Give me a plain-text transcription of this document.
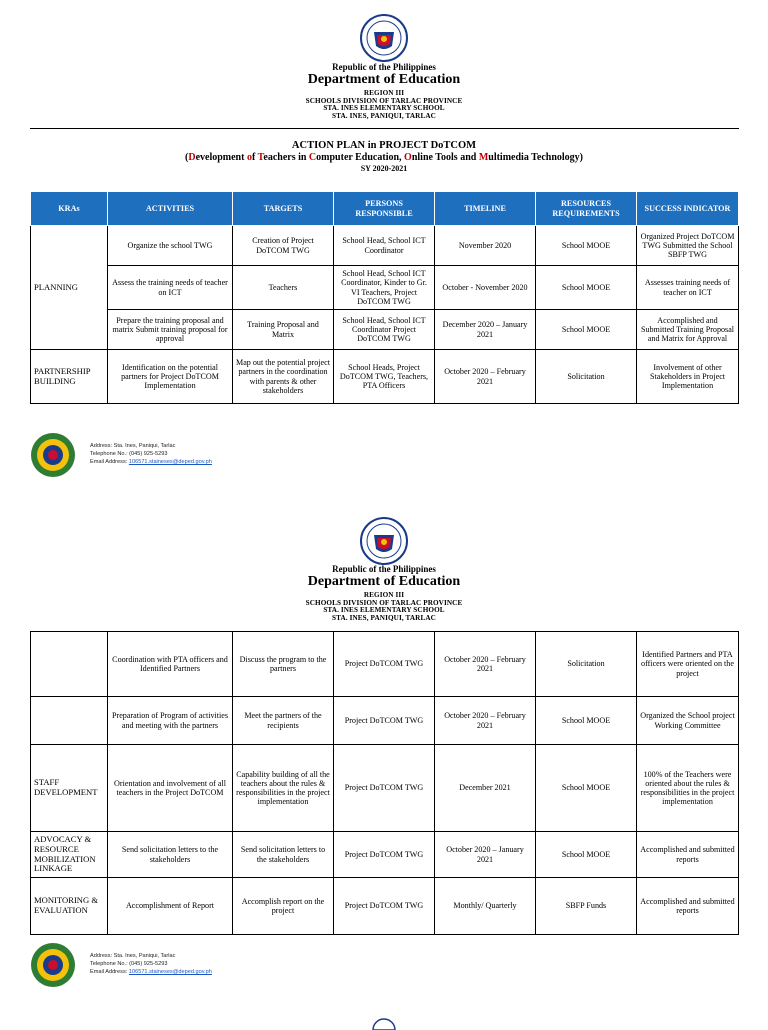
Republic of the Philippines
Department of Education
REGION III
SCHOOLS DIVISION OF TARLAC PROVINCE
STA. INES ELEMENTARY SCHOOL
STA. INES, PANIQUI, TARLAC
ACTION PLAN in PROJECT DoTCOM
(Development of Teachers in Computer Education, Online Tools and Multimedia Technology)
SY 2020-2021
KRAs	ACTIVITIES	TARGETS	PERSONS RESPONSIBLE	TIMELINE	RESOURCES REQUIREMENTS	SUCCESS INDICATOR
PLANNING	Organize the school TWG	Creation of Project DoTCOM TWG	School Head, School ICT Coordinator	November 2020	School MOOE	Organized Project DoTCOM TWG Submitted the School SBFP TWG
	Assess the training needs of teacher on ICT	Teachers	School Head, School ICT Coordinator, Kinder to Gr. VI Teachers, Project DoTCOM TWG	October - November 2020	School MOOE	Assesses training needs of teacher on ICT
	Prepare the training proposal and matrix Submit training proposal for approval	Training Proposal and Matrix	School Head, School ICT Coordinator Project DoTCOM TWG	December 2020 – January 2021	School MOOE	Accomplished and Submitted Training Proposal and Matrix for Approval
PARTNERSHIP BUILDING	Identification on the potential partners for Project DoTCOM Implementation	Map out the potential project partners in the coordination with parents & other stakeholders	School Heads, Project DoTCOM TWG, Teachers, PTA Officers	October 2020 – February 2021	Solicitation	Involvement of other Stakeholders in Project Implementation
Address: Sta. Ines, Paniqui, Tarlac
Telephone No.: (045) 925-5293
Email Address: 106571.staineses@deped.gov.ph
Republic of the Philippines
Department of Education
REGION III
SCHOOLS DIVISION OF TARLAC PROVINCE
STA. INES ELEMENTARY SCHOOL
STA. INES, PANIQUI, TARLAC
	Coordination with PTA officers and Identified Partners	Discuss the program to the partners	Project DoTCOM TWG	October 2020 – February 2021	Solicitation	Identified Partners and PTA officers were oriented on the project
	Preparation of Program of activities and meeting with the partners	Meet the partners of the recipients	Project DoTCOM TWG	October 2020 – February 2021	School MOOE	Organized the School project Working Committee
STAFF DEVELOPMENT	Orientation and involvement of all teachers in the Project DoTCOM	Capability building of all the teachers about the rules & responsibilities in the project implementation	Project DoTCOM TWG	December 2021	School MOOE	100% of the Teachers were oriented about the rules & responsibilities in the project implementation
ADVOCACY & RESOURCE MOBILIZATION LINKAGE	Send solicitation letters to the stakeholders	Send solicitation letters to the stakeholders	Project DoTCOM TWG	October 2020 – January 2021	School MOOE	Accomplished and submitted reports
MONITORING & EVALUATION	Accomplishment of Report	Accomplish report on the project	Project DoTCOM TWG	Monthly/ Quarterly	SBFP Funds	Accomplished and submitted reports
Address: Sta. Ines, Paniqui, Tarlac
Telephone No.: (045) 925-5293
Email Address: 106571.staineses@deped.gov.ph
